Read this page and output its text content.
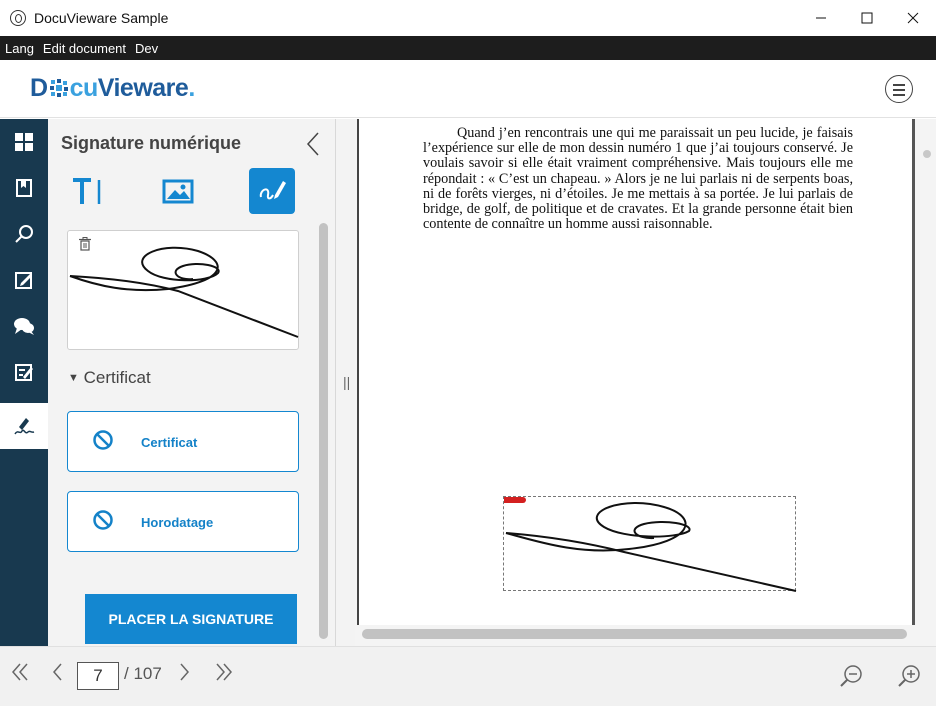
DocuVieware Sample
Lang Edit document Dev
D cuVieware.
Signature numérique
▼ Certificat
Certificat
Horodatage
PLACER LA SIGNATURE
||
Quand j’en rencontrais une qui me paraissait un peu lucide, je faisais l’expérience sur elle de mon dessin numéro 1 que j’ai toujours conservé. Je voulais savoir si elle était vraiment compréhensive. Mais toujours elle me répondait : « C’est un chapeau. » Alors je ne lui parlais ni de serpents boas, ni de forêts vierges, ni d’étoiles. Je me mettais à sa portée. Je lui parlais de bridge, de golf, de politique et de cravates. Et la grande personne était bien contente de connaître un homme aussi raisonnable.
7	/ 107
